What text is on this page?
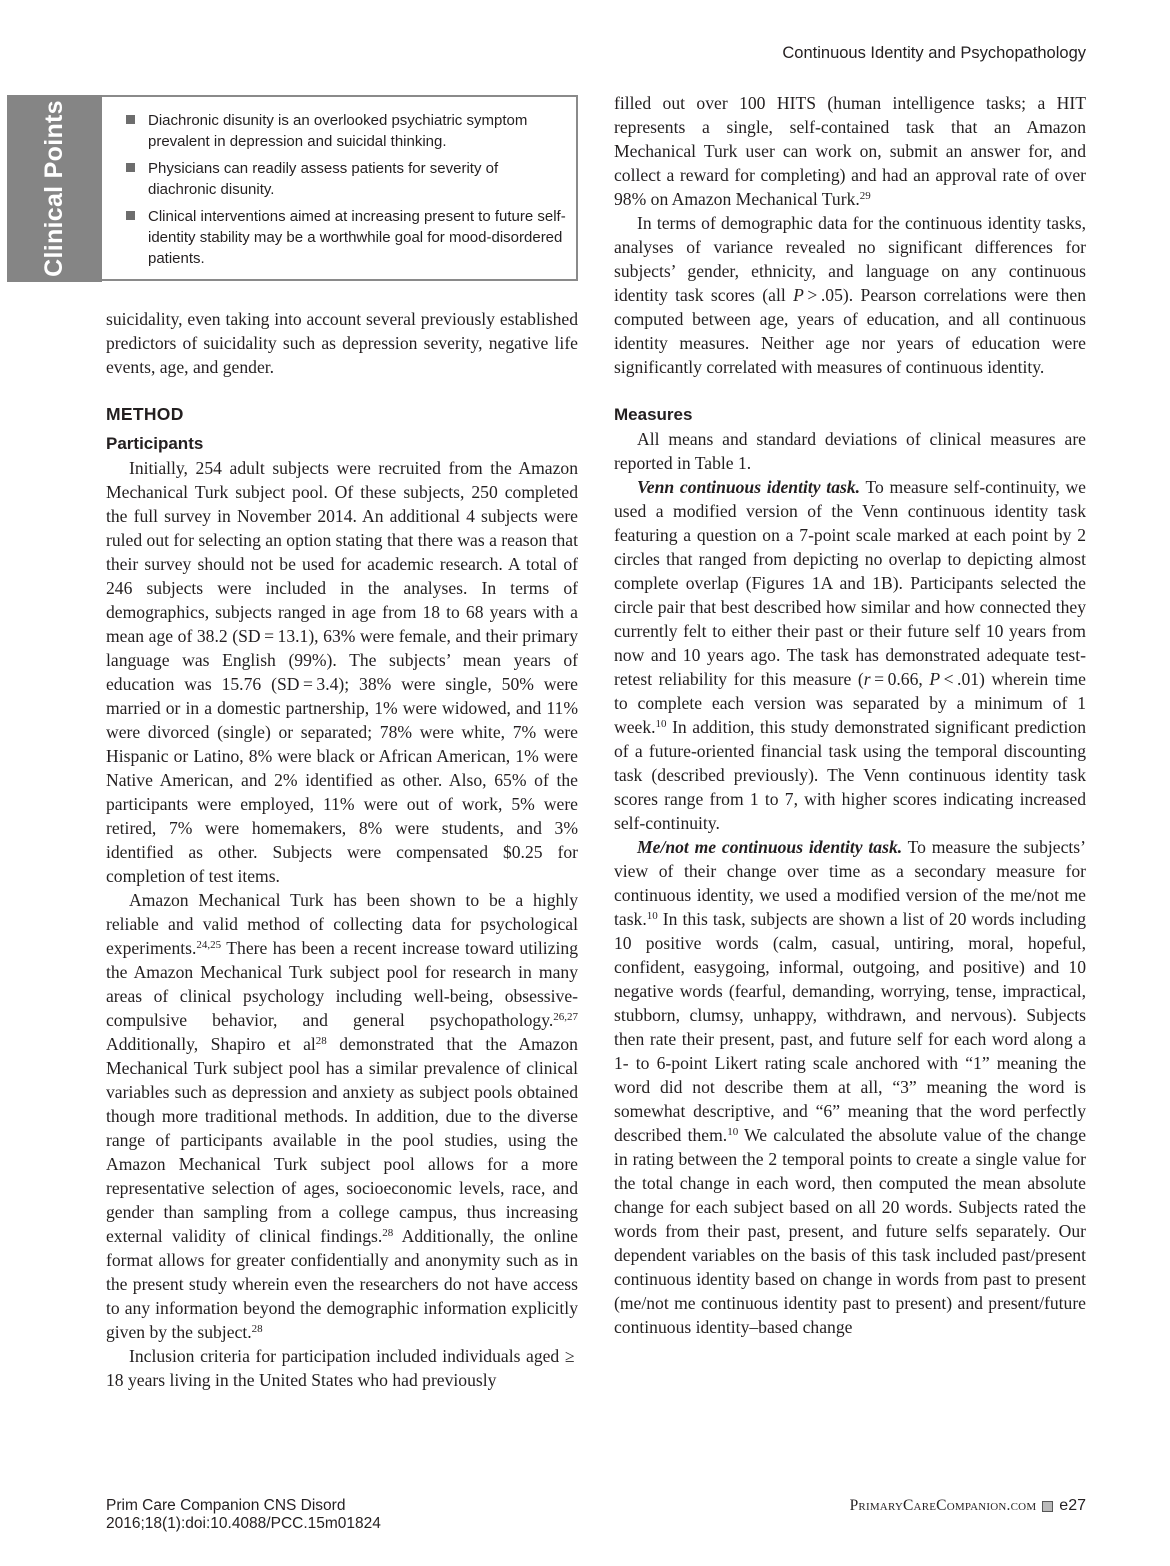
Continuous Identity and Psychopathology
Clinical Points	Diachronic disunity is an overlooked psychiatric symptom prevalent in depression and suicidal thinking.
Physicians can readily assess patients for severity of diachronic disunity.
Clinical interventions aimed at increasing present to future self-identity stability may be a worthwhile goal for mood-disordered patients.

suicidality, even taking into account several previously established predictors of suicidality such as depression severity, negative life events, age, and gender.

METHOD
Participants

Initially, 254 adult subjects were recruited from the Amazon Mechanical Turk subject pool. Of these subjects, 250 completed the full survey in November 2014. An additional 4 subjects were ruled out for selecting an option stating that there was a reason that their survey should not be used for academic research. A total of 246 subjects were included in the analyses. In terms of demographics, subjects ranged in age from 18 to 68 years with a mean age of 38.2 (SD = 13.1), 63% were female, and their primary language was English (99%). The subjects’ mean years of education was 15.76 (SD = 3.4); 38% were single, 50% were married or in a domestic partnership, 1% were widowed, and 11% were divorced (single) or separated; 78% were white, 7% were Hispanic or Latino, 8% were black or African American, 1% were Native American, and 2% identified as other. Also, 65% of the participants were employed, 11% were out of work, 5% were retired, 7% were homemakers, 8% were students, and 3% identified as other. Subjects were compensated $0.25 for completion of test items.

Amazon Mechanical Turk has been shown to be a highly reliable and valid method of collecting data for psychological experiments.$^{24,25}$ There has been a recent increase toward utilizing the Amazon Mechanical Turk subject pool for research in many areas of clinical psychology including well-being, obsessive-compulsive behavior, and general psychopathology.$^{26,27}$ Additionally, Shapiro et $al^{28}$ demonstrated that the Amazon Mechanical Turk subject pool has a similar prevalence of clinical variables such as depression and anxiety as subject pools obtained though more traditional methods. In addition, due to the diverse range of participants available in the pool studies, using the Amazon Mechanical Turk subject pool allows for a more representative selection of ages, socioeconomic levels, race, and gender than sampling from a college campus, thus increasing external validity of clinical findings.$^{28}$ Additionally, the online format allows for greater confidentially and anonymity such as in the present study wherein even the researchers do not have access to any information beyond the demographic information explicitly given by the subject.$^{28}$

Inclusion criteria for participation included individuals aged ≥ 18 years living in the United States who had previously

filled out over 100 HITS (human intelligence tasks; a HIT represents a single, self-contained task that an Amazon Mechanical Turk user can work on, submit an answer for, and collect a reward for completing) and had an approval rate of over 98% on Amazon Mechanical Turk.$^{29}$

In terms of demographic data for the continuous identity tasks, analyses of variance revealed no significant differences for subjects’ gender, ethnicity, and language on any continuous identity task scores (all P > .05). Pearson correlations were then computed between age, years of education, and all continuous identity measures. Neither age nor years of education were significantly correlated with measures of continuous identity.

Measures

All means and standard deviations of clinical measures are reported in Table 1.

Venn continuous identity task. To measure self-continuity, we used a modified version of the Venn continuous identity task featuring a question on a 7-point scale marked at each point by 2 circles that ranged from depicting no overlap to depicting almost complete overlap (Figures 1A and 1B). Participants selected the circle pair that best described how similar and how connected they currently felt to either their past or their future self 10 years from now and 10 years ago. The task has demonstrated adequate test-retest reliability for this measure (r = 0.66, P < .01) wherein time to complete each version was separated by a minimum of 1 week.$^{10}$ In addition, this study demonstrated significant prediction of a future-oriented financial task using the temporal discounting task (described previously). The Venn continuous identity task scores range from 1 to 7, with higher scores indicating increased self-continuity.

Me/not me continuous identity task. To measure the subjects’ view of their change over time as a secondary measure for continuous identity, we used a modified version of the me/not me task.$^{10}$ In this task, subjects are shown a list of 20 words including 10 positive words (calm, casual, untiring, moral, hopeful, confident, easygoing, informal, outgoing, and positive) and 10 negative words (fearful, demanding, worrying, tense, impractical, stubborn, clumsy, unhappy, withdrawn, and nervous). Subjects then rate their present, past, and future self for each word along a 1- to 6-point Likert rating scale anchored with “1” meaning the word did not describe them at all, “3” meaning the word is somewhat descriptive, and “6” meaning that the word perfectly described them.$^{10}$ We calculated the absolute value of the change in rating between the 2 temporal points to create a single value for the total change in each word, then computed the mean absolute change for each subject based on all 20 words. Subjects rated the words from their past, present, and future selfs separately. Our dependent variables on the basis of this task included past/present continuous identity based on change in words from past to present (me/not me continuous identity past to present) and present/future continuous identity–based change

Prim Care Companion CNS Disord
2016;18(1):doi:10.4088/PCC.15m01824
PrimaryCareCompanion.com e27
